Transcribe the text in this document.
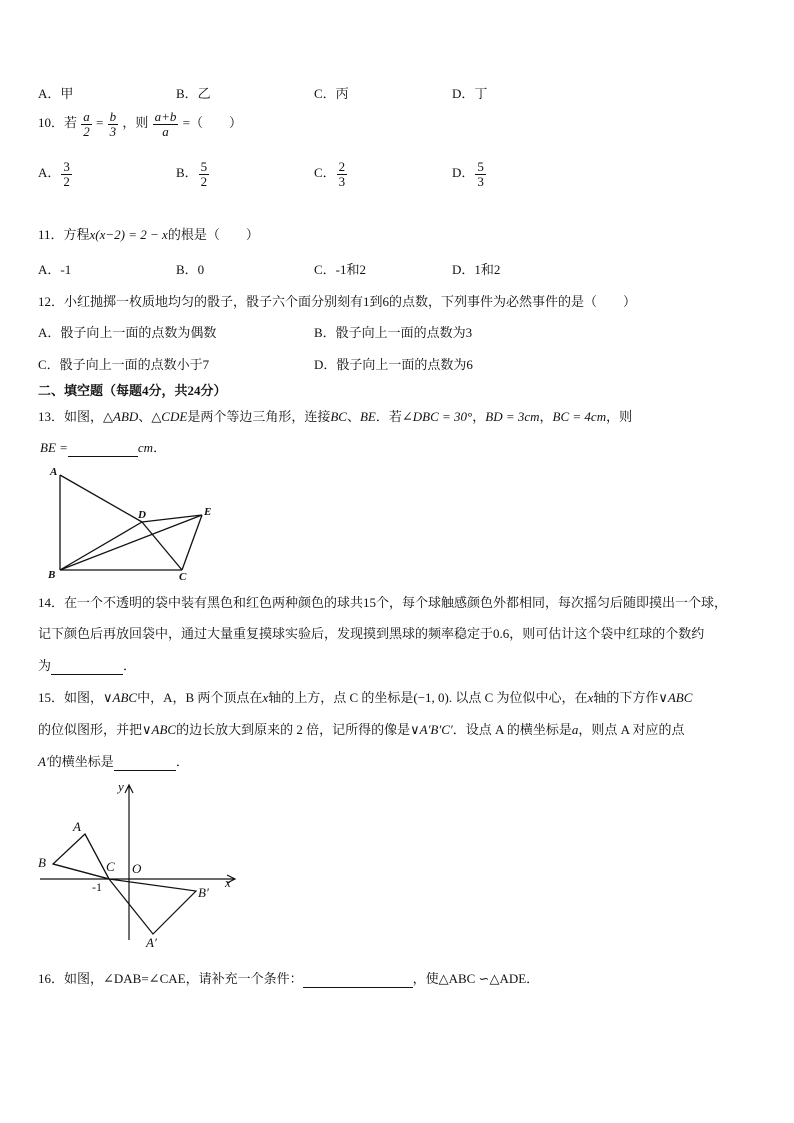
A．甲	B．乙	C．丙	D．丁
10．若 $\frac{a}{2} = \frac{b}{3}$ ，则 $\frac{a+b}{a}$ =（　　）
A． $\frac{3}{2}$	B． $\frac{5}{2}$	C． $\frac{2}{3}$	D． $\frac{5}{3}$
11．方程x(x−2) = 2 − x的根是（　　）
A．-1	B．0	C．-1和2	D．1和2
12．小红抛掷一枚质地均匀的骰子，骰子六个面分别刻有1到6的点数，下列事件为必然事件的是（　　）
A．骰子向上一面的点数为偶数	B．骰子向上一面的点数为3
C．骰子向上一面的点数小于7	D．骰子向上一面的点数为6
二、填空题（每题4分，共24分）
13．如图，△ABD、△CDE是两个等边三角形，连接BC、BE．若∠DBC = 30°，BD = 3cm，BC = 4cm，则
BE =	cm．
A
B	C
D	E
14．在一个不透明的袋中装有黑色和红色两种颜色的球共15个，每个球触感颜色外都相同，每次摇匀后随即摸出一个球，
记下颜色后再放回袋中，通过大量重复摸球实验后，发现摸到黑球的频率稳定于0.6，则可估计这个袋中红球的个数约
为	．
15．如图，∨ABC中，A，B 两个顶点在x轴的上方，点 C 的坐标是(−1, 0). 以点 C 为位似中心，在x轴的下方作∨ABC
的位似图形，并把∨ABC的边长放大到原来的 2 倍，记所得的像是∨A′B′C′．设点 A 的横坐标是a，则点 A 对应的点
A′的横坐标是	．
y
x
A
B	C O
B′
A′
-1
16．如图，∠DAB=∠CAE，请补充一个条件：	，使△ABC ∽△ADE．
